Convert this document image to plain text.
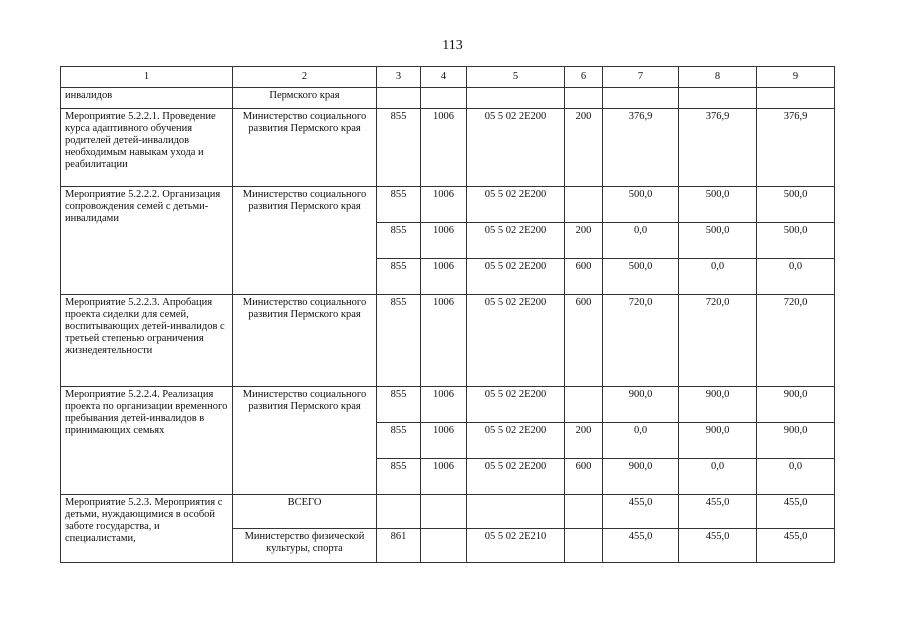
113
1	2	3	4	5	6	7	8	9
инвалидов	Пермского края							
Мероприятие 5.2.2.1. Проведение курса адаптивного обучения родителей детей-инвалидов необходимым навыкам ухода и реабилитации	Министерство социального развития Пермского края	855	1006	05 5 02 2E200	200	376,9	376,9	376,9
Мероприятие 5.2.2.2. Организация сопровождения семей с детьми-инвалидами	Министерство социального развития Пермского края	855	1006	05 5 02 2E200		500,0	500,0	500,0
		855	1006	05 5 02 2E200	200	0,0	500,0	500,0
		855	1006	05 5 02 2E200	600	500,0	0,0	0,0
Мероприятие 5.2.2.3. Апробация проекта сиделки для семей, воспитывающих детей-инвалидов с третьей степенью ограничения жизнедеятельности	Министерство социального развития Пермского края	855	1006	05 5 02 2E200	600	720,0	720,0	720,0
Мероприятие 5.2.2.4. Реализация проекта по организации временного пребывания детей-инвалидов в принимающих семьях	Министерство социального развития Пермского края	855	1006	05 5 02 2E200		900,0	900,0	900,0
		855	1006	05 5 02 2E200	200	0,0	900,0	900,0
		855	1006	05 5 02 2E200	600	900,0	0,0	0,0
Мероприятие 5.2.3. Мероприятия с детьми, нуждающимися в особой заботе государства, и специалистами,	ВСЕГО					455,0	455,0	455,0
	Министерство физической культуры, спорта	861		05 5 02 2E210		455,0	455,0	455,0
